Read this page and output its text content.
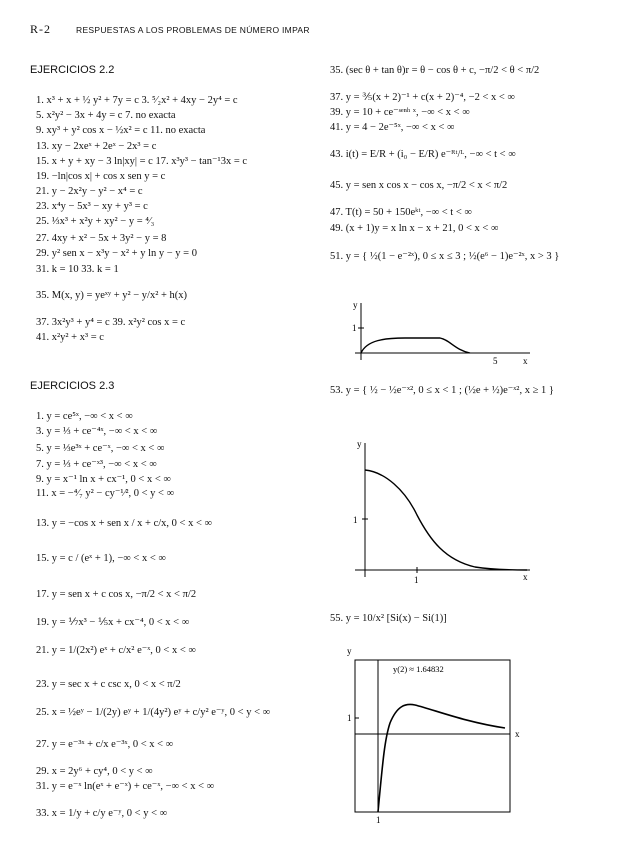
R-2	RESPUESTAS A LOS PROBLEMAS DE NÚMERO IMPAR
EJERCICIOS 2.2
EJERCICIOS 2.3
1. x³ + x + ½ y² + 7y = c 3. ⁵⁄₂x² + 4xy − 2y⁴ = c
5. x²y² − 3x + 4y = c 7. no exacta
9. xy³ + y² cos x − ½x² = c 11. no exacta
13. xy − 2xeˣ + 2eˣ − 2x³ = c
15. x + y + xy − 3 ln|xy| = c 17. x³y³ − tan⁻¹3x = c
19. −ln|cos x| + cos x sen y = c
21. y − 2x²y − y² − x⁴ = c
23. x⁴y − 5x³ − xy + y³ = c
25. ⅓x³ + x²y + xy² − y = ⁴⁄₃
27. 4xy + x² − 5x + 3y² − y = 8
29. y² sen x − x³y − x² + y ln y − y = 0
31. k = 10 33. k = 1
35. M(x, y) = yeˣʸ + y² − y/x² + h(x)
37. 3x²y³ + y⁴ = c 39. x²y² cos x = c
41. x²y² + x³ = c
1. y = ce⁵ˣ, −∞ < x < ∞
3. y = ⅓ + ce⁻⁴ˣ, −∞ < x < ∞
5. y = ⅓e³ˣ + ce⁻ˣ, −∞ < x < ∞
7. y = ⅓ + ce⁻ˣ³, −∞ < x < ∞
9. y = x⁻¹ ln x + cx⁻¹, 0 < x < ∞
11. x = −⁴⁄₇ y² − cy⁻¹⁄², 0 < y < ∞
13. y = −cos x + sen x / x + c/x, 0 < x < ∞
15. y = c / (eˣ + 1), −∞ < x < ∞
17. y = sen x + c cos x, −π/2 < x < π/2
19. y = ⅐x³ − ⅕x + cx⁻⁴, 0 < x < ∞
21. y = 1/(2x²) eˣ + c/x² e⁻ˣ, 0 < x < ∞
23. y = sec x + c csc x, 0 < x < π/2
25. x = ½eʸ − 1/(2y) eʸ + 1/(4y²) eʸ + c/y² e⁻ʸ, 0 < y < ∞
27. y = e⁻³ˣ + c/x e⁻³ˣ, 0 < x < ∞
29. x = 2y⁶ + cy⁴, 0 < y < ∞
31. y = e⁻ˣ ln(eˣ + e⁻ˣ) + ce⁻ˣ, −∞ < x < ∞
33. x = 1/y + c/y e⁻ʸ, 0 < y < ∞
35. (sec θ + tan θ)r = θ − cos θ + c, −π/2 < θ < π/2
37. y = ⅗(x + 2)⁻¹ + c(x + 2)⁻⁴, −2 < x < ∞
39. y = 10 + ce⁻ˢᵉⁿʰ ˣ, −∞ < x < ∞
41. y = 4 − 2e⁻⁵ˣ, −∞ < x < ∞
43. i(t) = E/R + (i₀ − E/R) e⁻ᴿᵗ/ᴸ, −∞ < t < ∞
45. y = sen x cos x − cos x, −π/2 < x < π/2
47. T(t) = 50 + 150eᵏᵗ, −∞ < t < ∞
49. (x + 1)y = x ln x − x + 21, 0 < x < ∞
51. y = { ½(1 − e⁻²ˣ), 0 ≤ x ≤ 3 ; ½(e⁶ − 1)e⁻²ˣ, x > 3 }
53. y = { ½ − ½e⁻ˣ², 0 ≤ x < 1 ; (½e + ½)e⁻ˣ², x ≥ 1 }
55. y = 10/x² [Si(x) − Si(1)]
y
1
5	x
y
1
1	x
y(2) ≈ 1.64832
y
1
1
x
